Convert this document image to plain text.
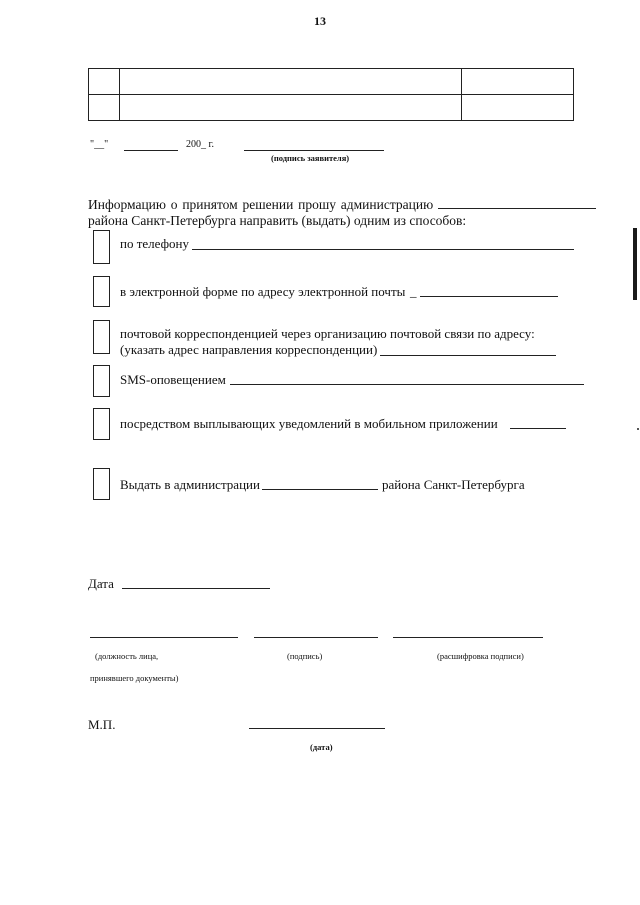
13

"__"	200_ г.
(подпись заявителя)
Информацию о принятом решении прошу администрацию
района Санкт-Петербурга направить (выдать) одним из способов:
по телефону
в электронной форме по адресу электронной почты _
почтовой корреспонденцией через организацию почтовой связи по адресу:
(указать адрес направления корреспонденции)
SMS-оповещением
посредством выплывающих уведомлений в мобильном приложении
Выдать в администрации	района Санкт-Петербурга
Дата
(должность лица,	(подпись)	(расшифровка подписи)
принявшего документы)
М.П.
(дата)
